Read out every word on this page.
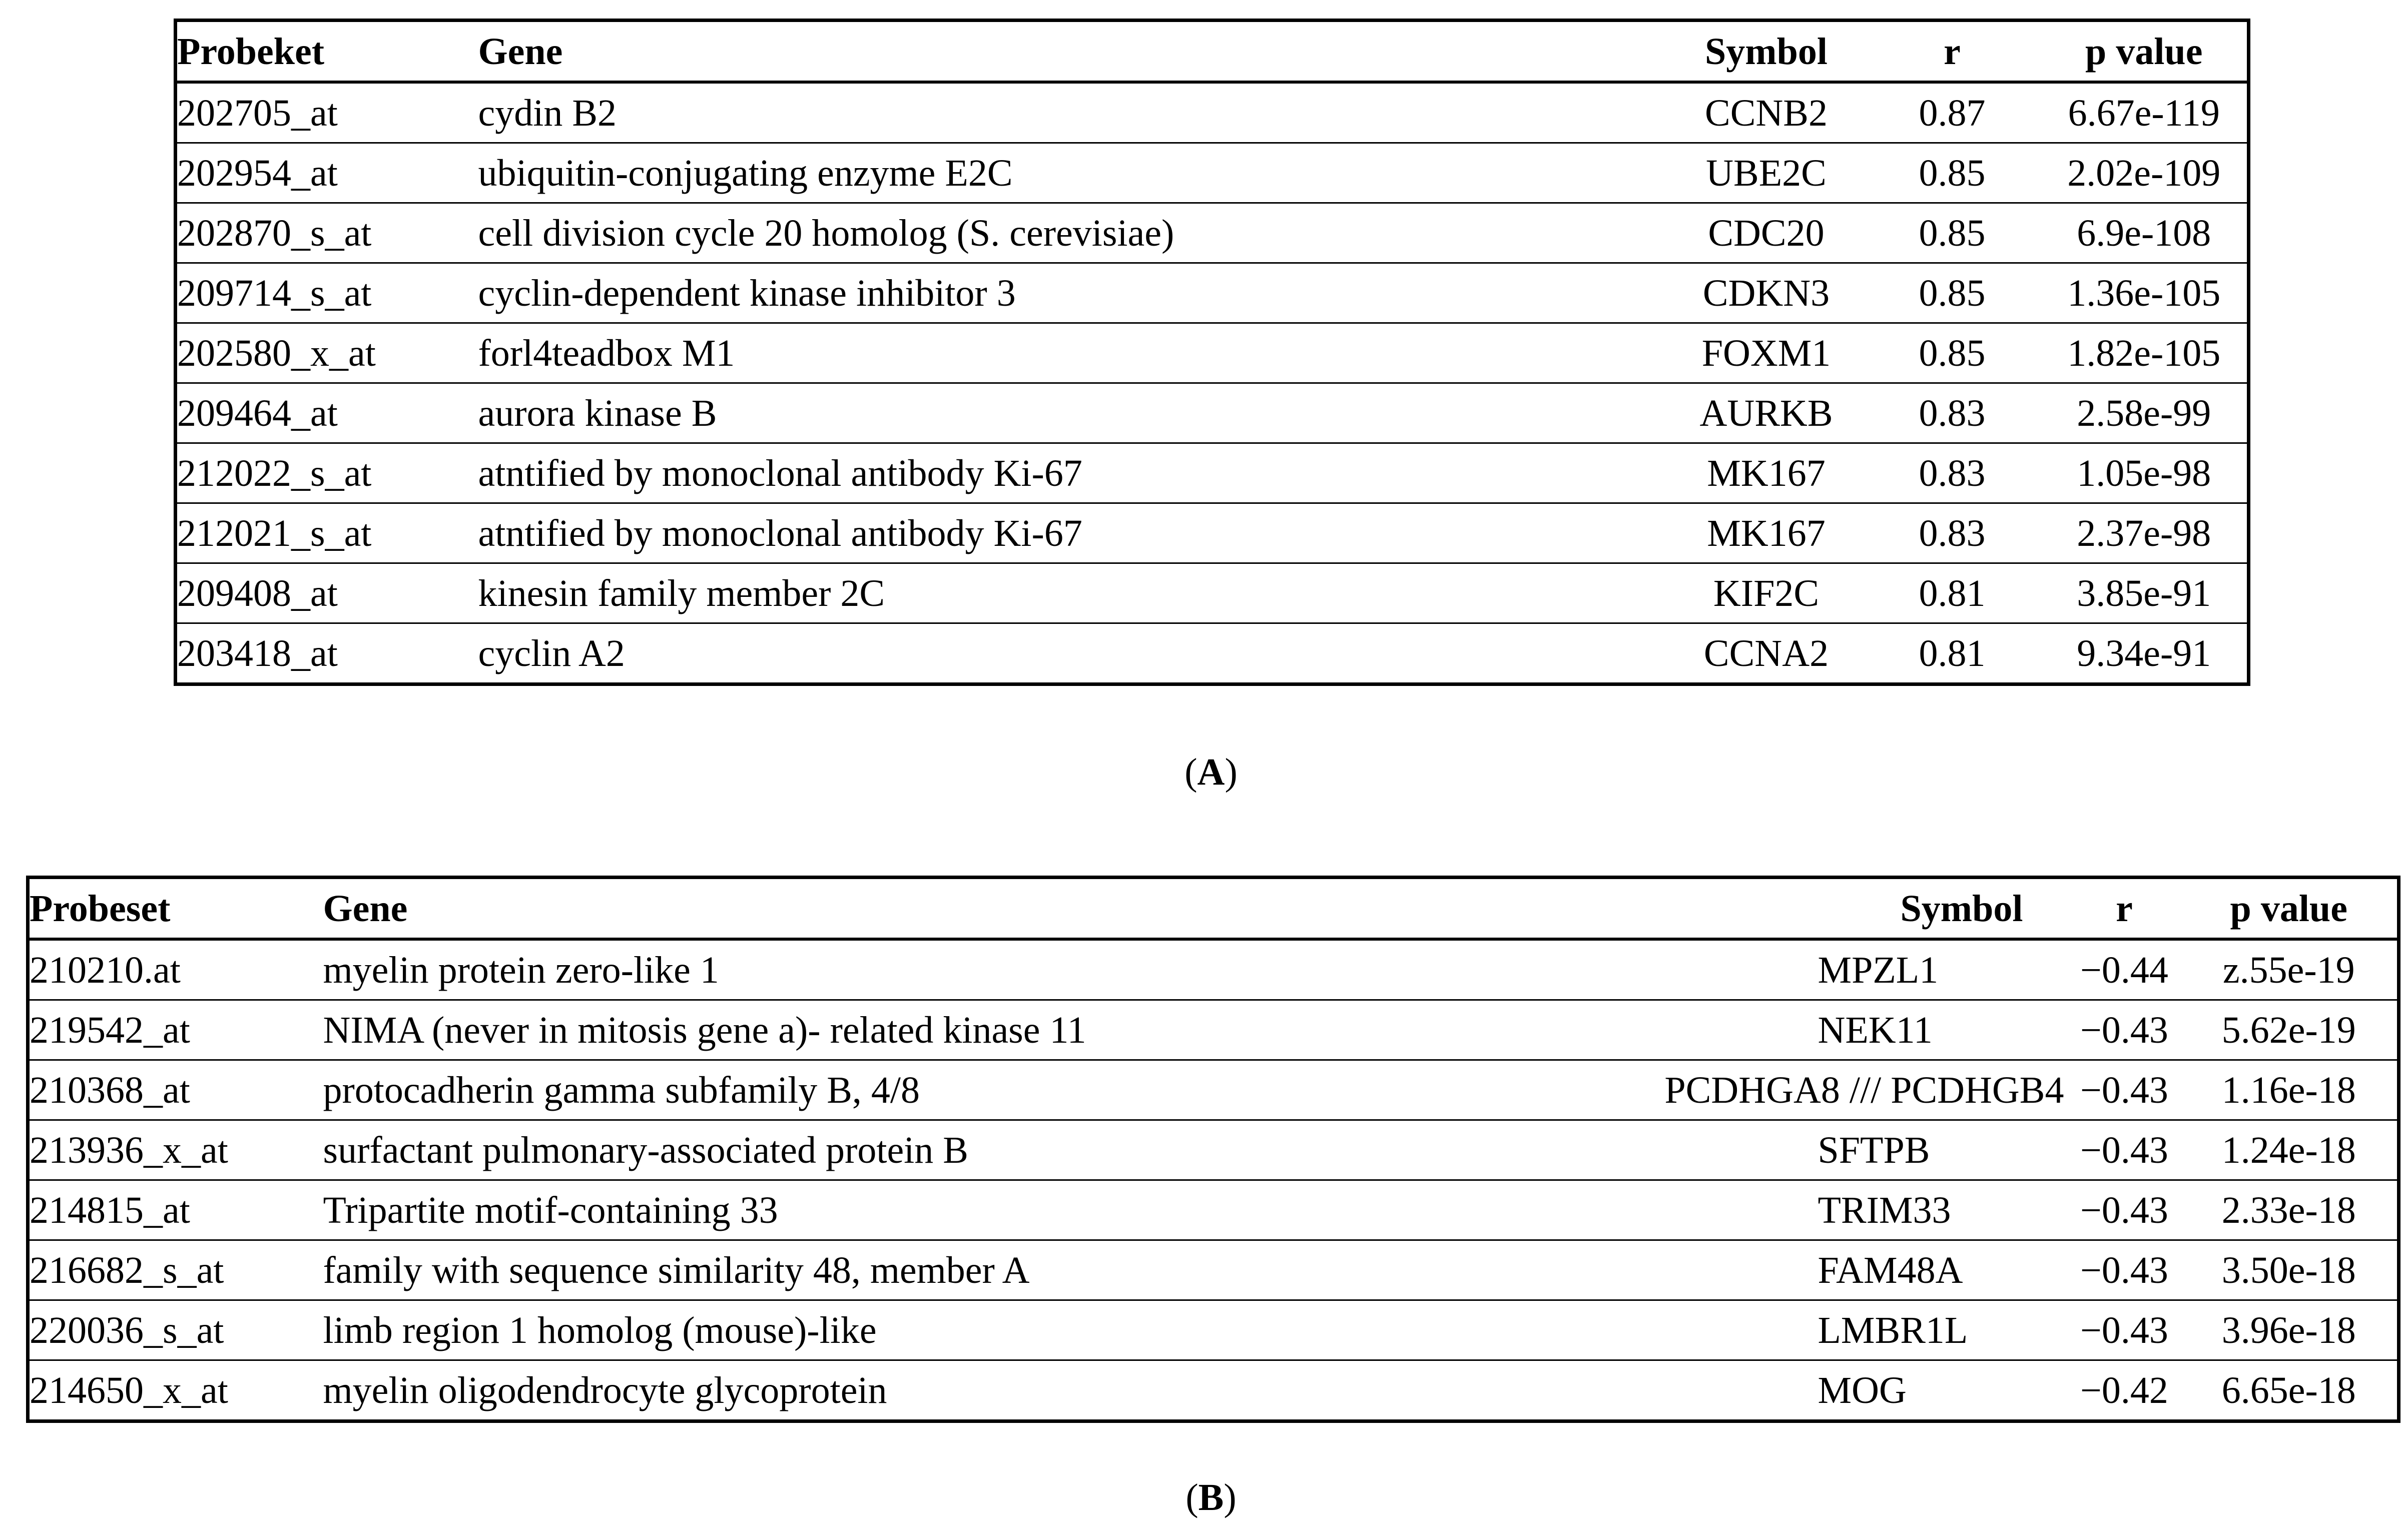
Probeket	Gene	Symbol	r	p value
202705_at	cydin B2	CCNB2	0.87	6.67e-119
202954_at	ubiquitin-conjugating enzyme E2C	UBE2C	0.85	2.02e-109
202870_s_at	cell division cycle 20 homolog (S. cerevisiae)	CDC20	0.85	6.9e-108
209714_s_at	cyclin-dependent kinase inhibitor 3	CDKN3	0.85	1.36e-105
202580_x_at	forl4teadbox M1	FOXM1	0.85	1.82e-105
209464_at	aurora kinase B	AURKB	0.83	2.58e-99
212022_s_at	atntified by monoclonal antibody Ki-67	MK167	0.83	1.05e-98
212021_s_at	atntified by monoclonal antibody Ki-67	MK167	0.83	2.37e-98
209408_at	kinesin family member 2C	KIF2C	0.81	3.85e-91
203418_at	cyclin A2	CCNA2	0.81	9.34e-91
(A)
Probeset	Gene	Symbol	r	p value
210210.at	myelin protein zero-like 1	MPZL1	−0.44	z.55e-19
219542_at	NIMA (never in mitosis gene a)- related kinase 11	NEK11	−0.43	5.62e-19
210368_at	protocadherin gamma subfamily B, 4/8	PCDHGA8 /// PCDHGB4	−0.43	1.16e-18
213936_x_at	surfactant pulmonary-associated protein B	SFTPB	−0.43	1.24e-18
214815_at	Tripartite motif-containing 33	TRIM33	−0.43	2.33e-18
216682_s_at	family with sequence similarity 48, member A	FAM48A	−0.43	3.50e-18
220036_s_at	limb region 1 homolog (mouse)-like	LMBR1L	−0.43	3.96e-18
214650_x_at	myelin oligodendrocyte glycoprotein	MOG	−0.42	6.65e-18
(B)
